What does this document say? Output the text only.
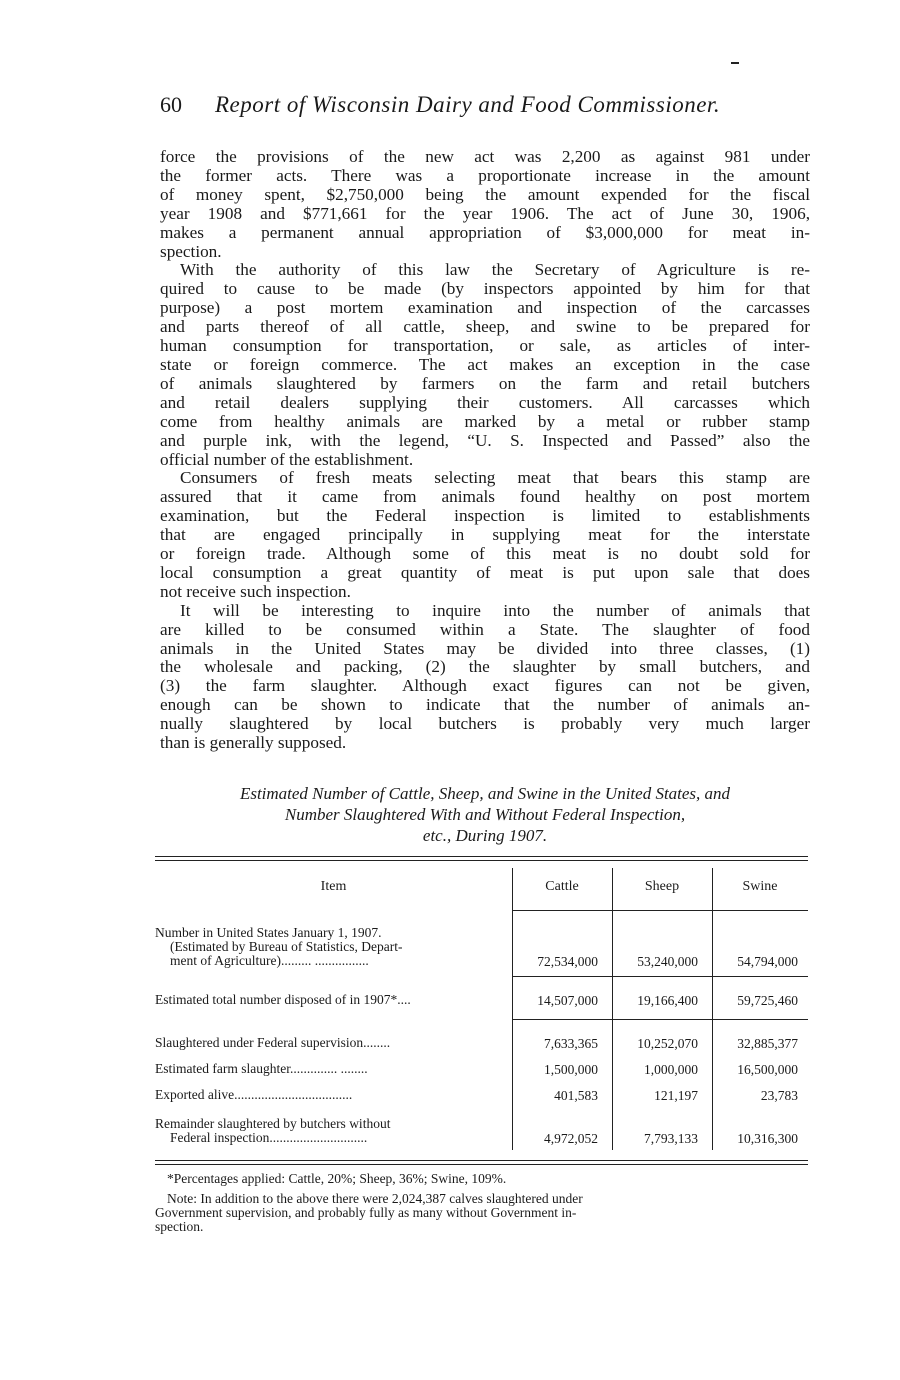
60 Report of Wisconsin Dairy and Food Commissioner.

force the provisions of the new act was 2,200 as against 981 under
the former acts. There was a proportionate increase in the amount
of money spent, $2,750,000 being the amount expended for the fiscal
year 1908 and $771,661 for the year 1906. The act of June 30, 1906,
makes a permanent annual appropriation of $3,000,000 for meat in-
spection.

With the authority of this law the Secretary of Agriculture is re-
quired to cause to be made (by inspectors appointed by him for that
purpose) a post mortem examination and inspection of the carcasses
and parts thereof of all cattle, sheep, and swine to be prepared for
human consumption for transportation, or sale, as articles of inter-
state or foreign commerce. The act makes an exception in the case
of animals slaughtered by farmers on the farm and retail butchers
and retail dealers supplying their customers. All carcasses which
come from healthy animals are marked by a metal or rubber stamp
and purple ink, with the legend, “U. S. Inspected and Passed” also the
official number of the establishment.

Consumers of fresh meats selecting meat that bears this stamp are
assured that it came from animals found healthy on post mortem
examination, but the Federal inspection is limited to establishments
that are engaged principally in supplying meat for the interstate
or foreign trade. Although some of this meat is no doubt sold for
local consumption a great quantity of meat is put upon sale that does
not receive such inspection.

It will be interesting to inquire into the number of animals that
are killed to be consumed within a State. The slaughter of food
animals in the United States may be divided into three classes, (1)
the wholesale and packing, (2) the slaughter by small butchers, and
(3) the farm slaughter. Although exact figures can not be given,
enough can be shown to indicate that the number of animals an-
nually slaughtered by local butchers is probably very much larger
than is generally supposed.

Estimated Number of Cattle, Sheep, and Swine in the United States, and
Number Slaughtered With and Without Federal Inspection,
etc., During 1907.
Item	Cattle	Sheep	Swine
Number in United States January 1, 1907.
(Estimated by Bureau of Statistics, Depart-
ment of Agriculture)......... ................	72,534,000	53,240,000	54,794,000
Estimated total number disposed of in 1907*....	14,507,000	19,166,400	59,725,460
Slaughtered under Federal supervision........	7,633,365	10,252,070	32,885,377
Estimated farm slaughter.............. ........	1,500,000	1,000,000	16,500,000
Exported alive...................................	401,583	121,197	23,783
Remainder slaughtered by butchers without
Federal inspection.............................	4,972,052	7,793,133	10,316,300
*Percentages applied: Cattle, 20%; Sheep, 36%; Swine, 109%.
Note: In addition to the above there were 2,024,387 calves slaughtered under
Government supervision, and probably fully as many without Government in-
spection.
